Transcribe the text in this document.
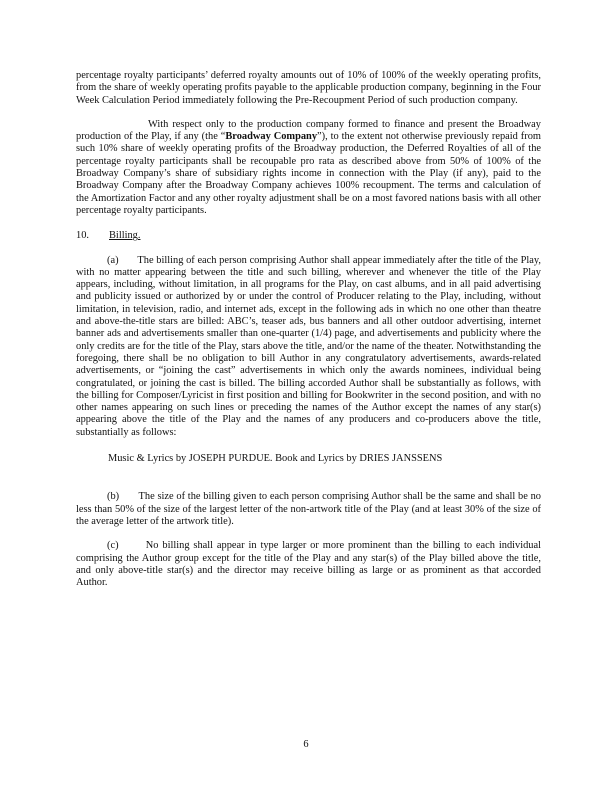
percentage royalty participants’ deferred royalty amounts out of 10% of 100% of the weekly operating profits, from the share of weekly operating profits payable to the applicable production company, beginning in the Four Week Calculation Period immediately following the Pre-Recoupment Period of such production company.

With respect only to the production company formed to finance and present the Broadway production of the Play, if any (the “Broadway Company”), to the extent not otherwise previously repaid from such 10% share of weekly operating profits of the Broadway production, the Deferred Royalties of all of the percentage royalty participants shall be recoupable pro rata as described above from 50% of 100% of the Broadway Company’s share of subsidiary rights income in connection with the Play (if any), paid to the Broadway Company after the Broadway Company achieves 100% recoupment. The terms and calculation of the Amortization Factor and any other royalty adjustment shall be on a most favored nations basis with all other percentage royalty participants.

10. Billing.

(a) The billing of each person comprising Author shall appear immediately after the title of the Play, with no matter appearing between the title and such billing, wherever and whenever the title of the Play appears, including, without limitation, in all programs for the Play, on cast albums, and in all paid advertising and publicity issued or authorized by or under the control of Producer relating to the Play, including, without limitation, in television, radio, and internet ads, except in the following ads in which no one other than theatre and above-the-title stars are billed: ABC’s, teaser ads, bus banners and all other outdoor advertising, internet banner ads and advertisements smaller than one-quarter (1/4) page, and advertisements and publicity where the only credits are for the title of the Play, stars above the title, and/or the name of the theater. Notwithstanding the foregoing, there shall be no obligation to bill Author in any congratulatory advertisements, awards-related advertisements, or “joining the cast” advertisements in which only the awards nominees, individual being congratulated, or joining the cast is billed. The billing accorded Author shall be substantially as follows, with the billing for Composer/Lyricist in first position and billing for Bookwriter in the second position, and with no other names appearing on such lines or preceding the names of the Author except the names of any star(s) appearing above the title of the Play and the names of any producers and co-producers above the title, substantially as follows:

Music & Lyrics by JOSEPH PURDUE. Book and Lyrics by DRIES JANSSENS

(b) The size of the billing given to each person comprising Author shall be the same and shall be no less than 50% of the size of the largest letter of the non-artwork title of the Play (and at least 30% of the size of the average letter of the artwork title).

(c)	No billing shall appear in type larger or more prominent than the billing to each individual comprising the Author group except for the title of the Play and any star(s) of the Play billed above the title, and only above-title star(s) and the director may receive billing as large or as prominent as that accorded Author.

6
